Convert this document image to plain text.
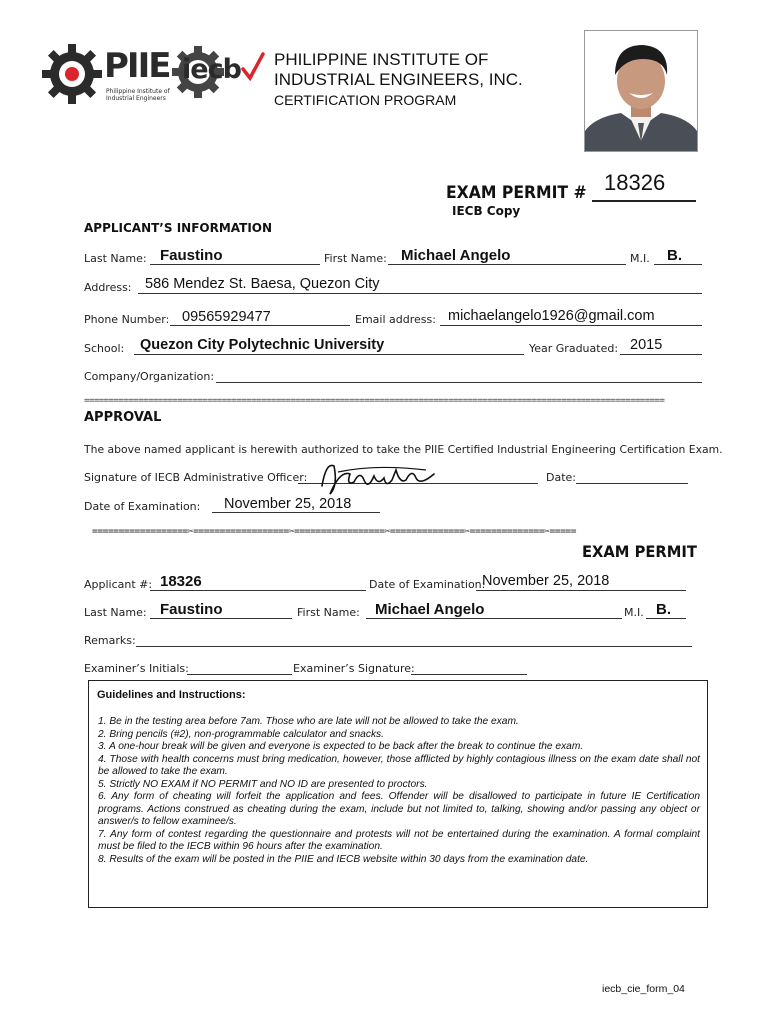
PIIE
Philippine Institute of
Industrial Engineers
iecb PHILIPPINE INSTITUTE OF
INDUSTRIAL ENGINEERS, INC.
CERTIFICATION PROGRAM
EXAM PERMIT # 18326
IECB Copy
APPLICANT’S INFORMATION
Last Name: Faustino	First Name: Michael Angelo	M.I. B.
Address: 586 Mendez St. Baesa, Quezon City
Phone Number: 09565929477	Email address: michaelangelo1926@gmail.com
School: Quezon City Polytechnic University	Year Graduated: 2015
Company/Organization:
======================================================================================================================
APPROVAL
The above named applicant is herewith authorized to take the PIIE Certified Industrial Engineering Certification Exam.
Signature of IECB Administrative Officer:	Date:
Date of Examination: November 25, 2018
==================✂==================✂=================✂==============✂==============✂=====
EXAM PERMIT
Applicant #: 18326	Date of Examination:
November 25, 2018
Last Name: Faustino	First Name: Michael Angelo	M.I. B.
Remarks:
Examiner’s Initials:	Examiner’s Signature:
Guidelines and Instructions:
1. Be in the testing area before 7am. Those who are late will not be allowed to take the exam.
2. Bring pencils (#2), non-programmable calculator and snacks.
3. A one-hour break will be given and everyone is expected to be back after the break to continue the exam.
4. Those with health concerns must bring medication, however, those afflicted by highly contagious illness on the exam date shall not be allowed to take the exam.
5. Strictly NO EXAM if NO PERMIT and NO ID are presented to proctors.
6. Any form of cheating will forfeit the application and fees. Offender will be disallowed to participate in future IE Certification programs. Actions construed as cheating during the exam, include but not limited to, talking, showing and/or passing any object or answer/s to fellow examinee/s.
7. Any form of contest regarding the questionnaire and protests will not be entertained during the examination. A formal complaint must be filed to the IECB within 96 hours after the examination.
8. Results of the exam will be posted in the PIIE and IECB website within 30 days from the examination date.
iecb_cie_form_04
